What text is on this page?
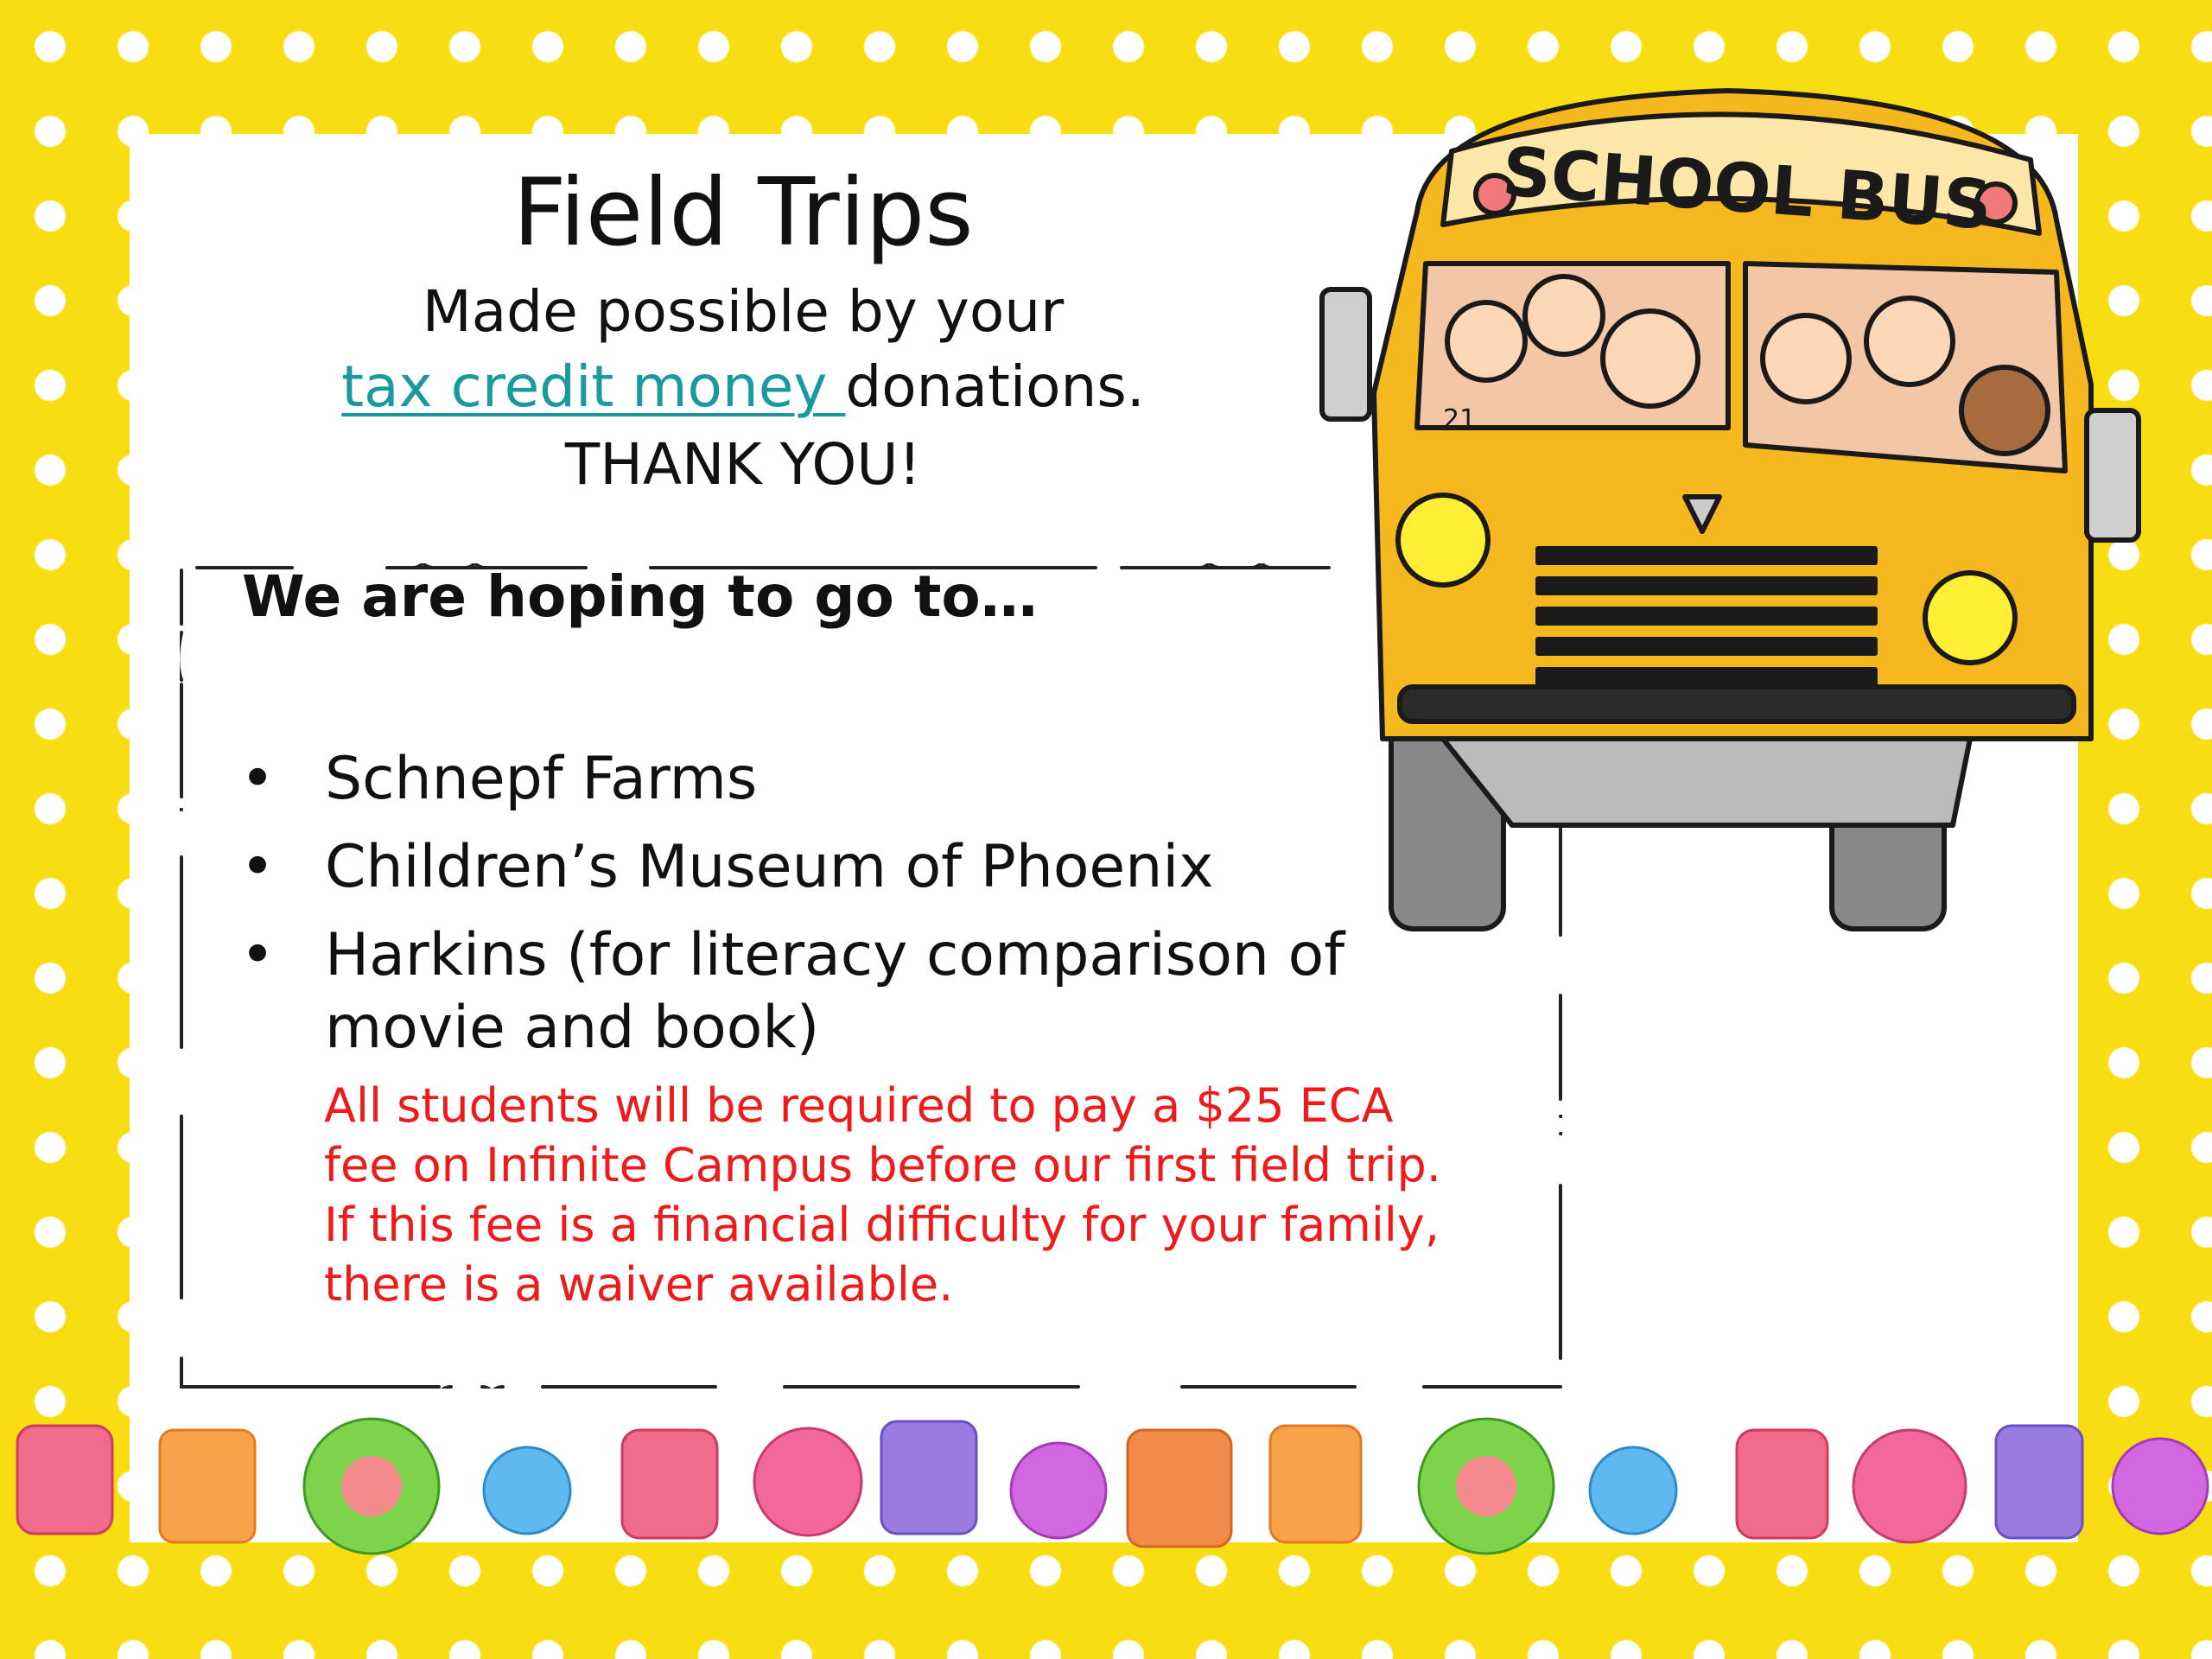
Field Trips
Made possible by your
tax credit money donations.
THANK YOU!
We are hoping to go to…
• Schnepf Farms
• Children’s Museum of Phoenix
• Harkins (for literacy comparison of movie and book)
All students will be required to pay a $25 ECA fee on Infinite Campus before our first field trip. If this fee is a financial difficulty for your family, there is a waiver available.
SCHOOL BUS
21
